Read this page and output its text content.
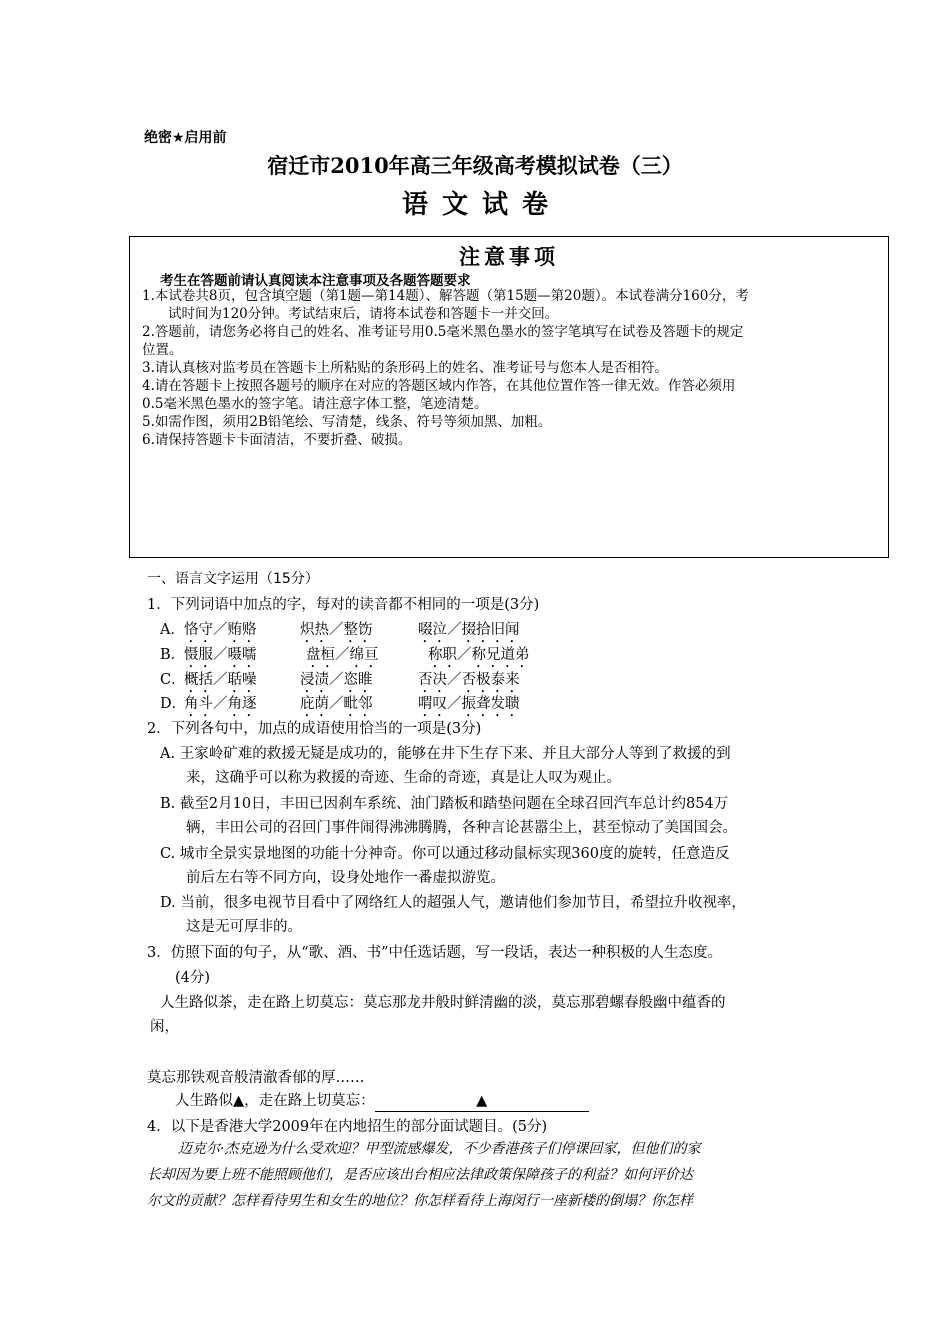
绝密★启用前
宿迁市2010年高三年级高考模拟试卷（三）
语文试卷
注意事项
考生在答题前请认真阅读本注意事项及各题答题要求
1.本试卷共8页，包含填空题（第1题—第14题）、解答题（第15题—第20题）。本试卷满分160分，考
试时间为120分钟。考试结束后，请将本试卷和答题卡一并交回。
2.答题前，请您务必将自己的姓名、准考证号用0.5毫米黑色墨水的签字笔填写在试卷及答题卡的规定
位置。
3.请认真核对监考员在答题卡上所粘贴的条形码上的姓名、准考证号与您本人是否相符。
4.请在答题卡上按照各题号的顺序在对应的答题区域内作答，在其他位置作答一律无效。作答必须用
0.5毫米黑色墨水的签字笔。请注意字体工整，笔迹清楚。
5.如需作图，须用2B铅笔绘、写清楚，线条、符号等须加黑、加粗。
6.请保持答题卡卡面清洁，不要折叠、破损。
一、语言文字运用（15分）
1．下列词语中加点的字，每对的读音都不相同的一项是(3分)
A．恪守／贿赂	炽热／整饬	啜泣／掇拾旧闻
B．慑服／嗫嚅	盘桓／绵亘	称职／称兄道弟
C．概括／聒噪	浸渍／恣睢	否决／否极泰来
D．角斗／角逐	庇荫／毗邻	喟叹／振聋发聩
2．下列各句中，加点的成语使用恰当的一项是(3分)
A. 王家岭矿难的救援无疑是成功的，能够在井下生存下来、并且大部分人等到了救援的到
来，这确乎可以称为救援的奇迹、生命的奇迹，真是让人叹为观止。
B. 截至2月10日，丰田已因刹车系统、油门踏板和踏垫问题在全球召回汽车总计约854万
辆，丰田公司的召回门事件闹得沸沸腾腾，各种言论甚嚣尘上，甚至惊动了美国国会。
C. 城市全景实景地图的功能十分神奇。你可以通过移动鼠标实现360度的旋转，任意造反
前后左右等不同方向，设身处地作一番虚拟游览。
D. 当前，很多电视节目看中了网络红人的超强人气，邀请他们参加节目，希望拉升收视率，
这是无可厚非的。
3．仿照下面的句子，从“歌、酒、书”中任选话题，写一段话，表达一种积极的人生态度。
(4分)
人生路似茶，走在路上切莫忘：莫忘那龙井般时鲜清幽的淡，莫忘那碧螺春般幽中蕴香的
闲，
莫忘那铁观音般清澈香郁的厚……
人生路似▲，走在路上切莫忘：	▲
4．以下是香港大学2009年在内地招生的部分面试题目。(5分)
迈克尔·杰克逊为什么受欢迎？甲型流感爆发，不少香港孩子们停课回家，但他们的家
长却因为要上班不能照顾他们，是否应该出台相应法律政策保障孩子的利益？如何评价达
尔文的贡献？怎样看待男生和女生的地位？你怎样看待上海闵行一座新楼的倒塌？你怎样
